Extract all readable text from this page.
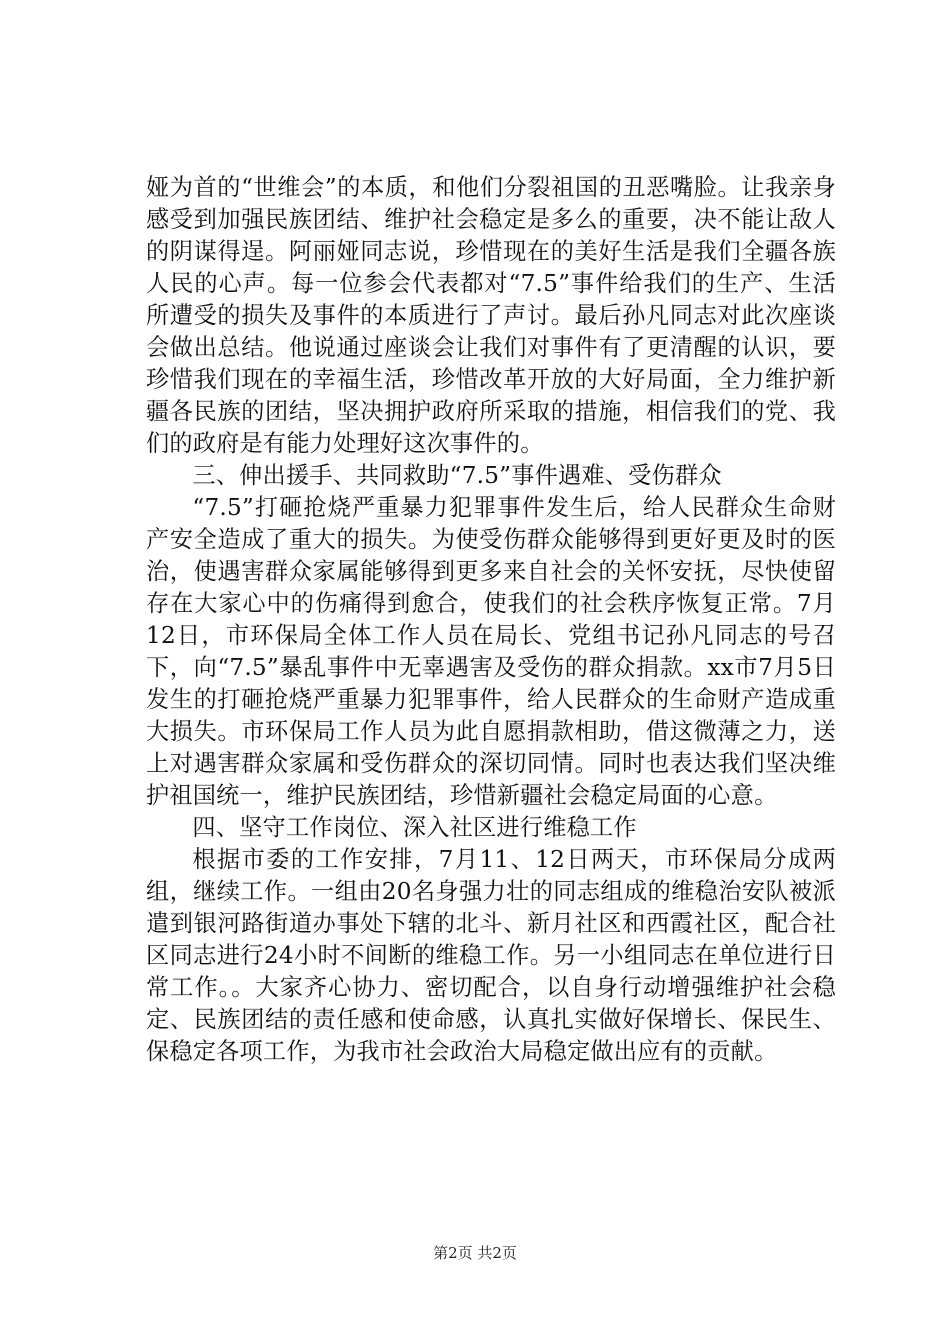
娅为首的“世维会”的本质，和他们分裂祖国的丑恶嘴脸。让我亲身感受到加强民族团结、维护社会稳定是多么的重要，决不能让敌人的阴谋得逞。阿丽娅同志说，珍惜现在的美好生活是我们全疆各族人民的心声。每一位参会代表都对“7.5”事件给我们的生产、生活所遭受的损失及事件的本质进行了声讨。最后孙凡同志对此次座谈会做出总结。他说通过座谈会让我们对事件有了更清醒的认识，要珍惜我们现在的幸福生活，珍惜改革开放的大好局面，全力维护新疆各民族的团结，坚决拥护政府所采取的措施，相信我们的党、我们的政府是有能力处理好这次事件的。

三、伸出援手、共同救助“7.5”事件遇难、受伤群众

“7.5”打砸抢烧严重暴力犯罪事件发生后，给人民群众生命财产安全造成了重大的损失。为使受伤群众能够得到更好更及时的医治，使遇害群众家属能够得到更多来自社会的关怀安抚，尽快使留存在大家心中的伤痛得到愈合，使我们的社会秩序恢复正常。7月12日，市环保局全体工作人员在局长、党组书记孙凡同志的号召下，向“7.5”暴乱事件中无辜遇害及受伤的群众捐款。xx市7月5日发生的打砸抢烧严重暴力犯罪事件，给人民群众的生命财产造成重大损失。市环保局工作人员为此自愿捐款相助，借这微薄之力，送上对遇害群众家属和受伤群众的深切同情。同时也表达我们坚决维护祖国统一，维护民族团结，珍惜新疆社会稳定局面的心意。

四、坚守工作岗位、深入社区进行维稳工作

根据市委的工作安排，7月11、12日两天，市环保局分成两组，继续工作。一组由20名身强力壮的同志组成的维稳治安队被派遣到银河路街道办事处下辖的北斗、新月社区和西霞社区，配合社区同志进行24小时不间断的维稳工作。另一小组同志在单位进行日常工作。。大家齐心协力、密切配合，以自身行动增强维护社会稳定、民族团结的责任感和使命感，认真扎实做好保增长、保民生、保稳定各项工作，为我市社会政治大局稳定做出应有的贡献。

第2页 共2页
